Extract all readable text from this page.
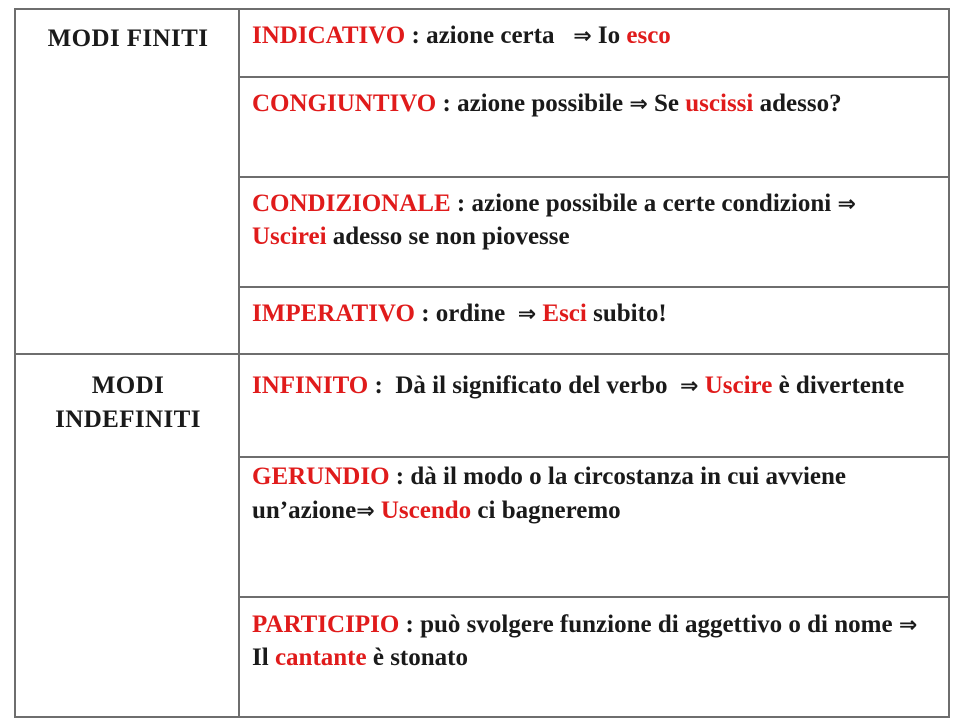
MODI FINITI	INDICATIVO : azione certa ⇒ Io esco
CONGIUNTIVO : azione possibile ⇒ Se uscissi adesso?
CONDIZIONALE : azione possibile a certe condizioni ⇒ Uscirei adesso se non piovesse
IMPERATIVO : ordine ⇒ Esci subito!
MODI
INDEFINITI
INFINITO :  Dà il significato del verbo ⇒ Uscire è divertente
GERUNDIO : dà il modo o la circostanza in cui avviene un’azione⇒ Uscendo ci bagneremo
PARTICIPIO : può svolgere funzione di aggettivo o di nome ⇒  Il cantante è stonato
